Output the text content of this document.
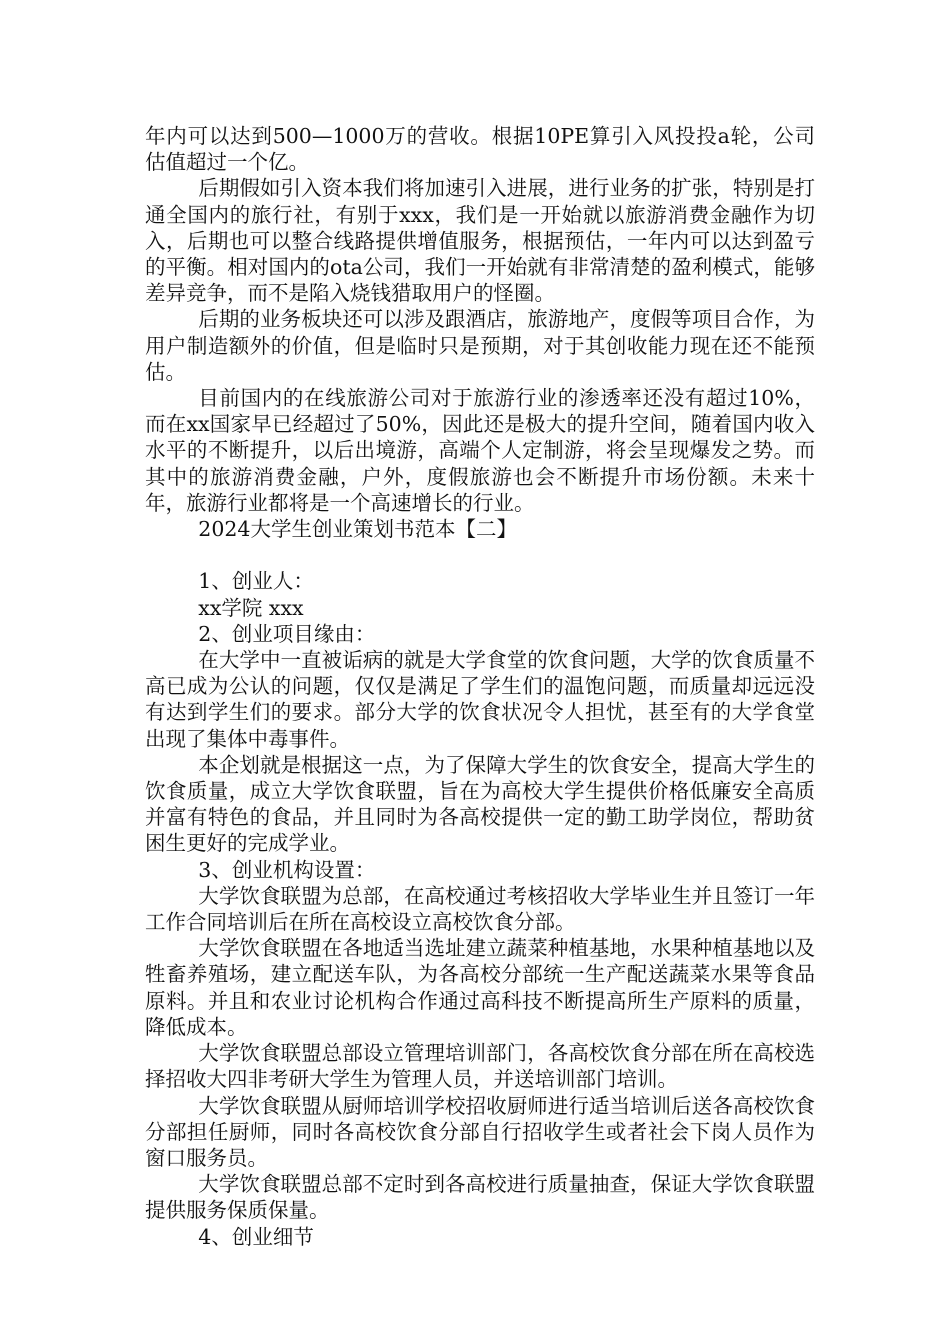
年内可以达到500—1000万的营收。根据10PE算引入风投投a轮，公司估值超过一个亿。

后期假如引入资本我们将加速引入进展，进行业务的扩张，特别是打通全国内的旅行社，有别于xxx，我们是一开始就以旅游消费金融作为切入，后期也可以整合线路提供增值服务，根据预估，一年内可以达到盈亏的平衡。相对国内的ota公司，我们一开始就有非常清楚的盈利模式，能够差异竞争，而不是陷入烧钱猎取用户的怪圈。

后期的业务板块还可以涉及跟酒店，旅游地产，度假等项目合作，为用户制造额外的价值，但是临时只是预期，对于其创收能力现在还不能预估。

目前国内的在线旅游公司对于旅游行业的渗透率还没有超过10%，而在xx国家早已经超过了50%，因此还是极大的提升空间，随着国内收入水平的不断提升，以后出境游，高端个人定制游，将会呈现爆发之势。而其中的旅游消费金融，户外，度假旅游也会不断提升市场份额。未来十年，旅游行业都将是一个高速增长的行业。

2024大学生创业策划书范本【二】

1、创业人：

xx学院 xxx

2、创业项目缘由：

在大学中一直被诟病的就是大学食堂的饮食问题，大学的饮食质量不高已成为公认的问题，仅仅是满足了学生们的温饱问题，而质量却远远没有达到学生们的要求。部分大学的饮食状况令人担忧，甚至有的大学食堂出现了集体中毒事件。

本企划就是根据这一点，为了保障大学生的饮食安全，提高大学生的饮食质量，成立大学饮食联盟，旨在为高校大学生提供价格低廉安全高质并富有特色的食品，并且同时为各高校提供一定的勤工助学岗位，帮助贫困生更好的完成学业。

3、创业机构设置：

大学饮食联盟为总部，在高校通过考核招收大学毕业生并且签订一年工作合同培训后在所在高校设立高校饮食分部。

大学饮食联盟在各地适当选址建立蔬菜种植基地，水果种植基地以及牲畜养殖场，建立配送车队，为各高校分部统一生产配送蔬菜水果等食品原料。并且和农业讨论机构合作通过高科技不断提高所生产原料的质量，降低成本。

大学饮食联盟总部设立管理培训部门，各高校饮食分部在所在高校选择招收大四非考研大学生为管理人员，并送培训部门培训。

大学饮食联盟从厨师培训学校招收厨师进行适当培训后送各高校饮食分部担任厨师，同时各高校饮食分部自行招收学生或者社会下岗人员作为窗口服务员。

大学饮食联盟总部不定时到各高校进行质量抽查，保证大学饮食联盟提供服务保质保量。

4、创业细节
